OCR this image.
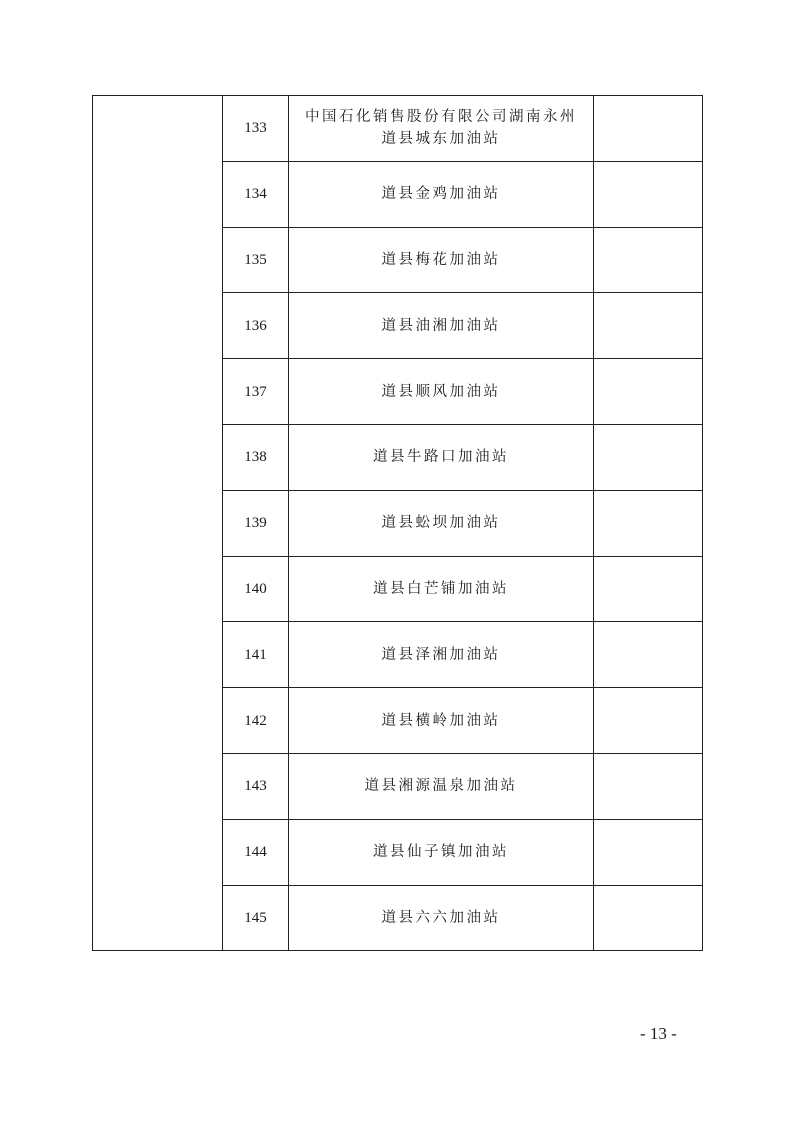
	133	中国石化销售股份有限公司湖南永州道县城东加油站	
	134	道县金鸡加油站	
	135	道县梅花加油站	
	136	道县油湘加油站	
	137	道县顺风加油站	
	138	道县牛路口加油站	
	139	道县蚣坝加油站	
	140	道县白芒铺加油站	
	141	道县泽湘加油站	
	142	道县横岭加油站	
	143	道县湘源温泉加油站	
	144	道县仙子镇加油站	
	145	道县六六加油站	
- 13 -
